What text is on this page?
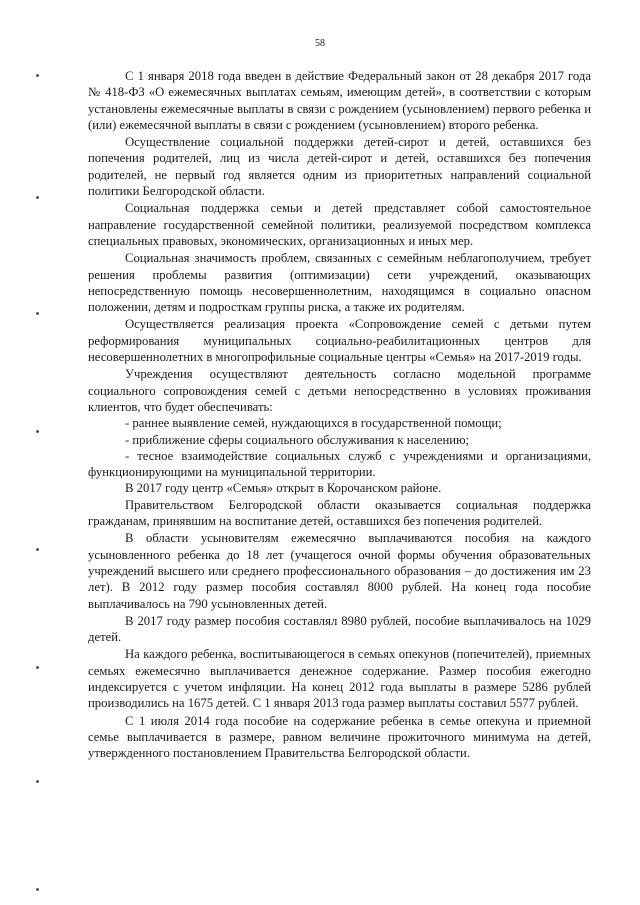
58

С 1 января 2018 года введен в действие Федеральный закон от 28 декабря 2017 года № 418-ФЗ «О ежемесячных выплатах семьям, имеющим детей», в соответствии с которым установлены ежемесячные выплаты в связи с рождением (усыновлением) первого ребенка и (или) ежемесячной выплаты в связи с рождением (усыновлением) второго ребенка.

Осуществление социальной поддержки детей-сирот и детей, оставшихся без попечения родителей, лиц из числа детей-сирот и детей, оставшихся без попечения родителей, не первый год является одним из приоритетных направлений социальной политики Белгородской области.

Социальная поддержка семьи и детей представляет собой самостоятельное направление государственной семейной политики, реализуемой посредством комплекса специальных правовых, экономических, организационных и иных мер.

Социальная значимость проблем, связанных с семейным неблагополучием, требует решения проблемы развития (оптимизации) сети учреждений, оказывающих непосредственную помощь несовершеннолетним, находящимся в социально опасном положении, детям и подросткам группы риска, а также их родителям.

Осуществляется реализация проекта «Сопровождение семей с детьми путем реформирования муниципальных социально-реабилитационных центров для несовершеннолетних в многопрофильные социальные центры «Семья» на 2017-2019 годы.

Учреждения осуществляют деятельность согласно модельной программе социального сопровождения семей с детьми непосредственно в условиях проживания клиентов, что будет обеспечивать:

- раннее выявление семей, нуждающихся в государственной помощи;

- приближение сферы социального обслуживания к населению;

- тесное взаимодействие социальных служб с учреждениями и организациями, функционирующими на муниципальной территории.

В 2017 году центр «Семья» открыт в Корочанском районе.

Правительством Белгородской области оказывается социальная поддержка гражданам, принявшим на воспитание детей, оставшихся без попечения родителей.

В области усыновителям ежемесячно выплачиваются пособия на каждого усыновленного ребенка до 18 лет (учащегося очной формы обучения образовательных учреждений высшего или среднего профессионального образования – до достижения им 23 лет). В 2012 году размер пособия составлял 8000 рублей. На конец года пособие выплачивалось на 790 усыновленных детей.

В 2017 году размер пособия составлял 8980 рублей, пособие выплачивалось на 1029 детей.

На каждого ребенка, воспитывающегося в семьях опекунов (попечителей), приемных семьях ежемесячно выплачивается денежное содержание. Размер пособия ежегодно индексируется с учетом инфляции. На конец 2012 года выплаты в размере 5286 рублей производились на 1675 детей. С 1 января 2013 года размер выплаты составил 5577 рублей.

С 1 июля 2014 года пособие на содержание ребенка в семье опекуна и приемной семье выплачивается в размере, равном величине прожиточного минимума на детей, утвержденного постановлением Правительства Белгородской области.
